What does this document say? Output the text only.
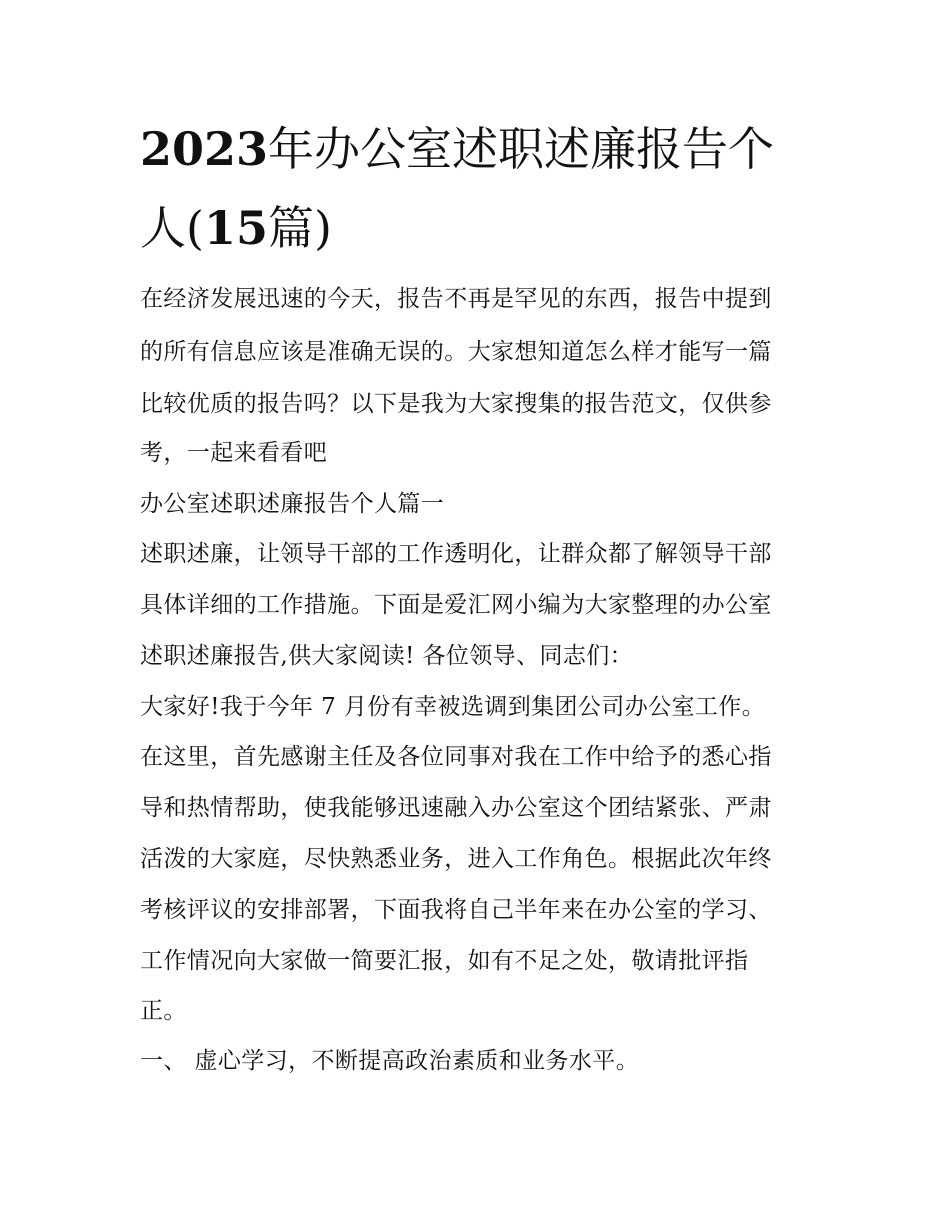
2023年办公室述职述廉报告个
人(15篇)
在经济发展迅速的今天，报告不再是罕见的东西，报告中提到
的所有信息应该是准确无误的。大家想知道怎么样才能写一篇
比较优质的报告吗？以下是我为大家搜集的报告范文，仅供参
考，一起来看看吧
办公室述职述廉报告个人篇一
述职述廉，让领导干部的工作透明化，让群众都了解领导干部
具体详细的工作措施。下面是爱汇网小编为大家整理的办公室
述职述廉报告,供大家阅读! 各位领导、同志们：
大家好!我于今年 7 月份有幸被选调到集团公司办公室工作。
在这里，首先感谢主任及各位同事对我在工作中给予的悉心指
导和热情帮助，使我能够迅速融入办公室这个团结紧张、严肃
活泼的大家庭，尽快熟悉业务，进入工作角色。根据此次年终
考核评议的安排部署，下面我将自己半年来在办公室的学习、
工作情况向大家做一简要汇报，如有不足之处，敬请批评指
正。
一、 虚心学习，不断提高政治素质和业务水平。
